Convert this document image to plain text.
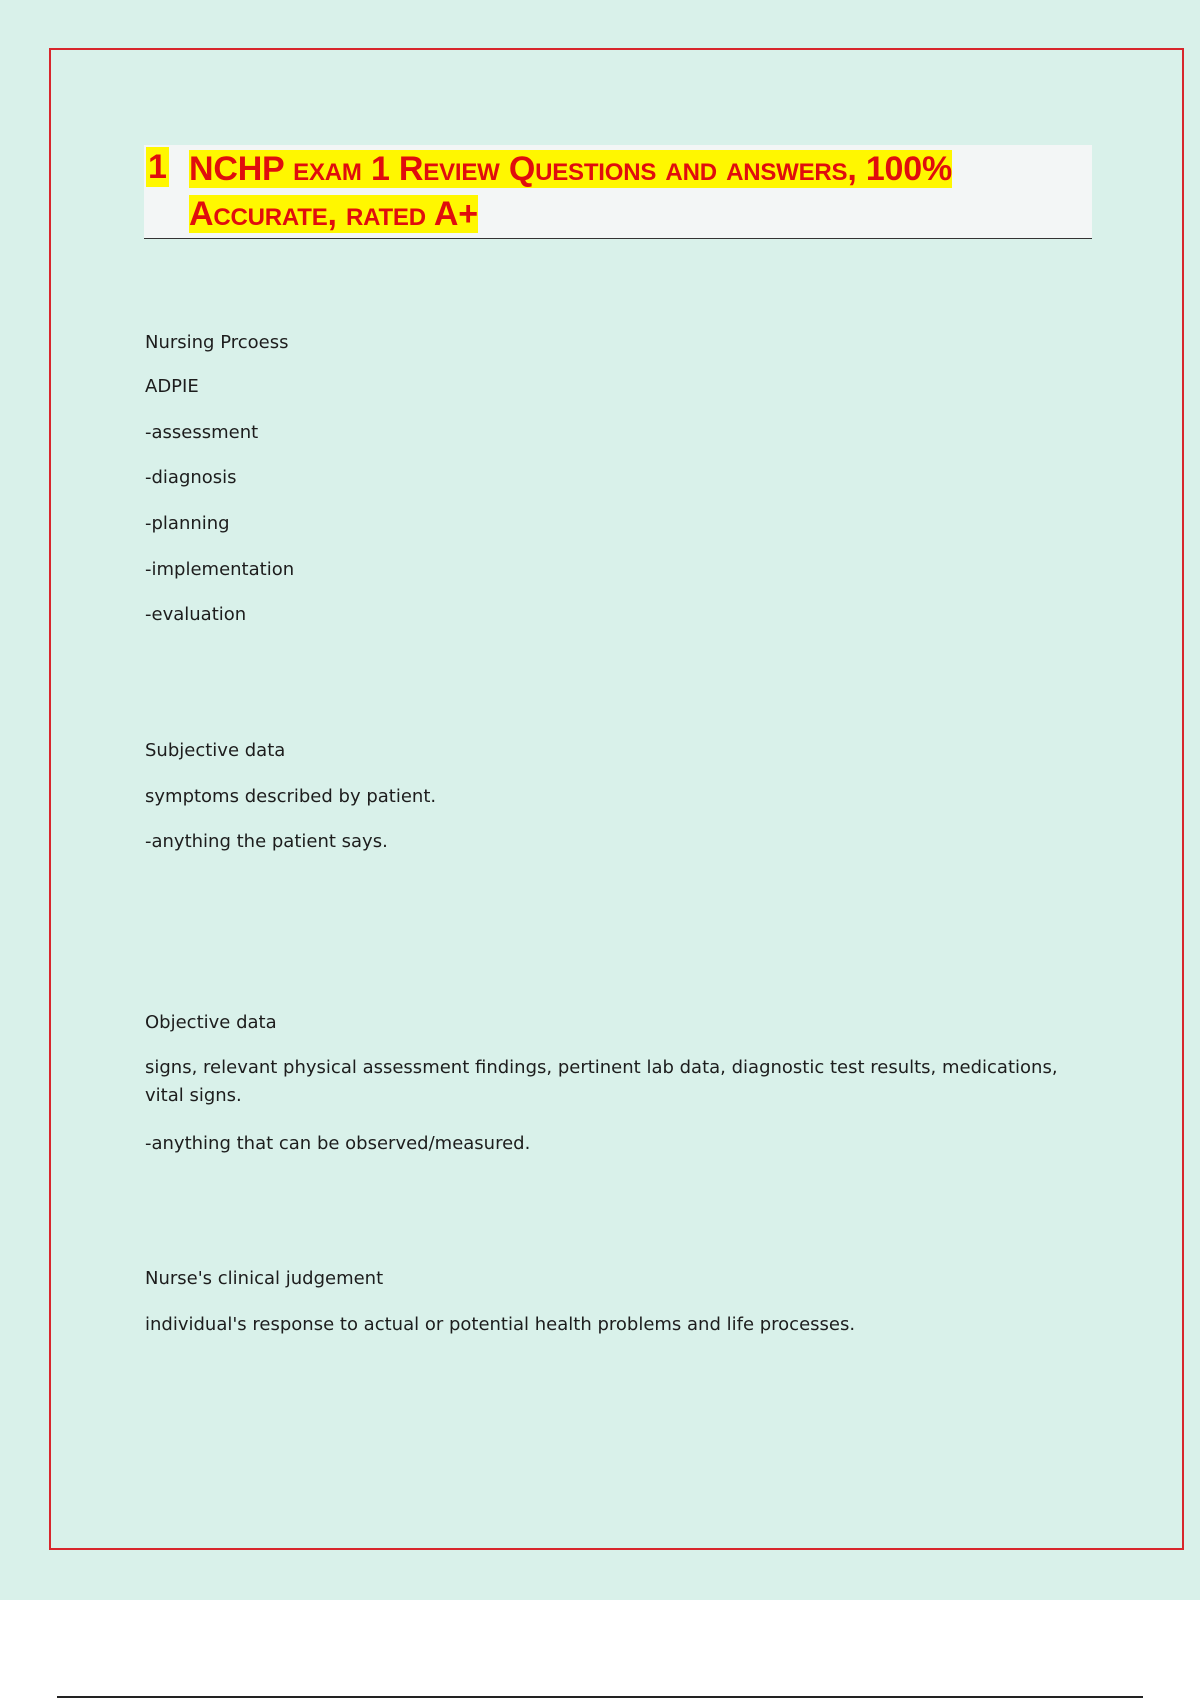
1 NCHP exam 1 Review Questions and answers, 100% Accurate, rated A+
Nursing Prcoess
ADPIE
-assessment
-diagnosis
-planning
-implementation
-evaluation
Subjective data
symptoms described by patient.
-anything the patient says.
Objective data
signs, relevant physical assessment findings, pertinent lab data, diagnostic test results, medications, vital signs.
-anything that can be observed/measured.
Nurse's clinical judgement
individual's response to actual or potential health problems and life processes.
